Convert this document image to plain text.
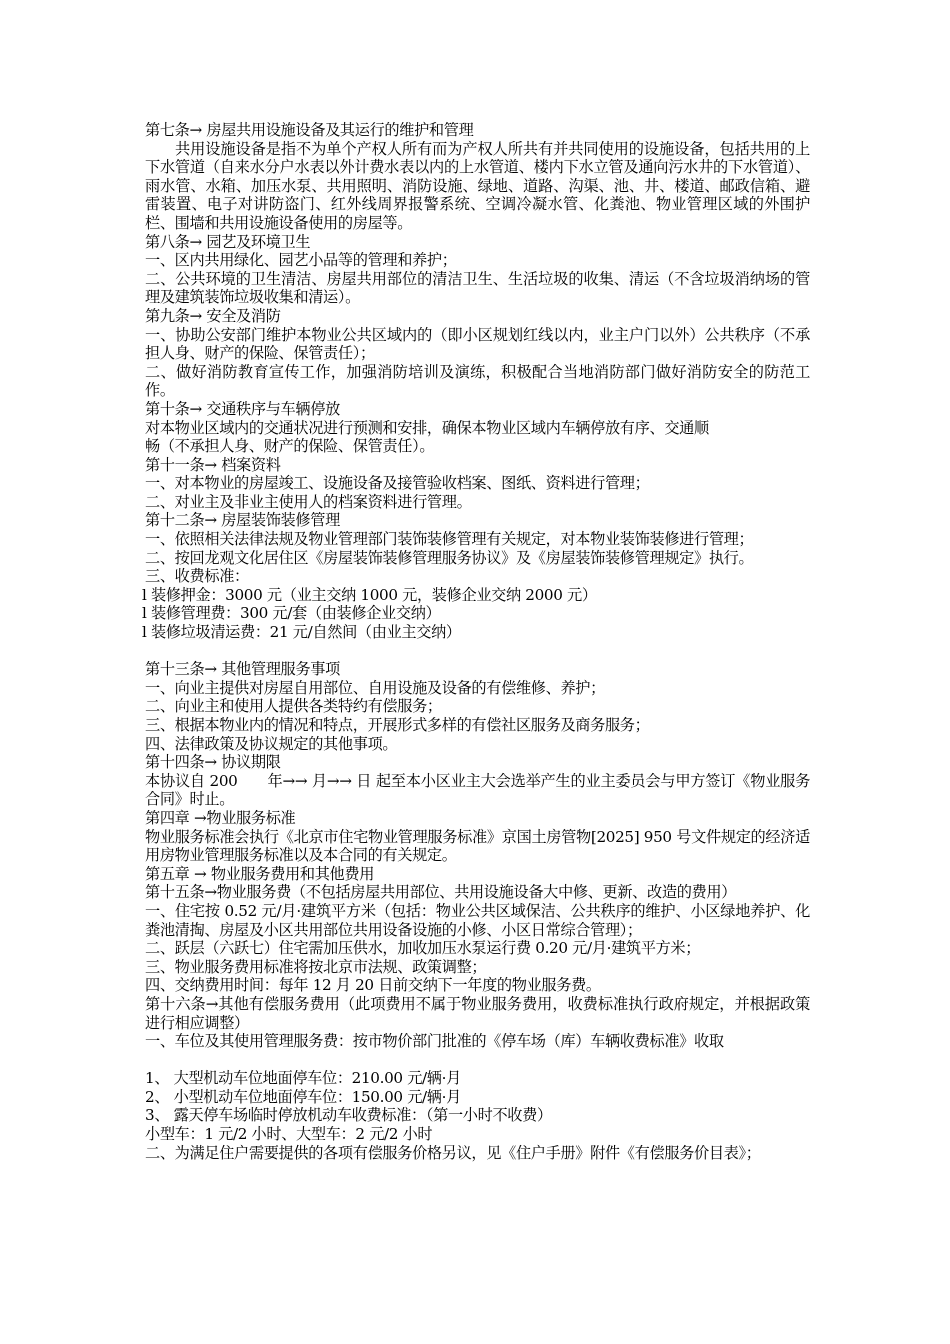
第七条→ 房屋共用设施设备及其运行的维护和管理
共用设施设备是指不为单个产权人所有而为产权人所共有并共同使用的设施设备，包括共用的上下水管道（自来水分户水表以外计费水表以内的上水管道、楼内下水立管及通向污水井的下水管道）、雨水管、水箱、加压水泵、共用照明、消防设施、绿地、道路、沟渠、池、井、楼道、邮政信箱、避雷装置、电子对讲防盗门、红外线周界报警系统、空调冷凝水管、化粪池、物业管理区域的外围护栏、围墙和共用设施设备使用的房屋等。
第八条→ 园艺及环境卫生
一、区内共用绿化、园艺小品等的管理和养护；
二、公共环境的卫生清洁、房屋共用部位的清洁卫生、生活垃圾的收集、清运（不含垃圾消纳场的管理及建筑装饰垃圾收集和清运）。
第九条→ 安全及消防
一、协助公安部门维护本物业公共区域内的（即小区规划红线以内，业主户门以外）公共秩序（不承担人身、财产的保险、保管责任）；
二、做好消防教育宣传工作，加强消防培训及演练，积极配合当地消防部门做好消防安全的防范工作。
第十条→ 交通秩序与车辆停放
对本物业区域内的交通状况进行预测和安排，确保本物业区域内车辆停放有序、交通顺
畅（不承担人身、财产的保险、保管责任）。
第十一条→ 档案资料
一、对本物业的房屋竣工、设施设备及接管验收档案、图纸、资料进行管理；
二、对业主及非业主使用人的档案资料进行管理。
第十二条→ 房屋装饰装修管理
一、依照相关法律法规及物业管理部门装饰装修管理有关规定，对本物业装饰装修进行管理；
二、按回龙观文化居住区《房屋装饰装修管理服务协议》及《房屋装饰装修管理规定》执行。
三、收费标准：
l 装修押金：3000 元（业主交纳 1000 元，装修企业交纳 2000 元）
l 装修管理费：300 元/套（由装修企业交纳）
l 装修垃圾清运费：21 元/自然间（由业主交纳）
第十三条→ 其他管理服务事项
一、向业主提供对房屋自用部位、自用设施及设备的有偿维修、养护；
二、向业主和使用人提供各类特约有偿服务；
三、根据本物业内的情况和特点，开展形式多样的有偿社区服务及商务服务；
四、法律政策及协议规定的其他事项。
第十四条→ 协议期限
本协议自 200　　年→→ 月→→ 日 起至本小区业主大会选举产生的业主委员会与甲方签订《物业服务合同》时止。
第四章 →物业服务标准
物业服务标准会执行《北京市住宅物业管理服务标准》京国土房管物[2025] 950 号文件规定的经济适用房物业管理服务标准以及本合同的有关规定。
第五章 → 物业服务费用和其他费用
第十五条→物业服务费（不包括房屋共用部位、共用设施设备大中修、更新、改造的费用）
一、住宅按 0.52 元/月·建筑平方米（包括：物业公共区域保洁、公共秩序的维护、小区绿地养护、化粪池清掏、房屋及小区共用部位共用设备设施的小修、小区日常综合管理）；
二、跃层（六跃七）住宅需加压供水，加收加压水泵运行费 0.20 元/月·建筑平方米；
三、物业服务费用标准将按北京市法规、政策调整；
四、交纳费用时间：每年 12 月 20 日前交纳下一年度的物业服务费。
第十六条→其他有偿服务费用（此项费用不属于物业服务费用，收费标准执行政府规定，并根据政策进行相应调整）
一、车位及其使用管理服务费：按市物价部门批准的《停车场（库）车辆收费标准》收取
1、 大型机动车位地面停车位：210.00 元/辆·月
2、 小型机动车位地面停车位：150.00 元/辆·月
3、 露天停车场临时停放机动车收费标准：（第一小时不收费）
小型车：1 元/2 小时、大型车：2 元/2 小时
二、为满足住户需要提供的各项有偿服务价格另议，见《住户手册》附件《有偿服务价目表》；
